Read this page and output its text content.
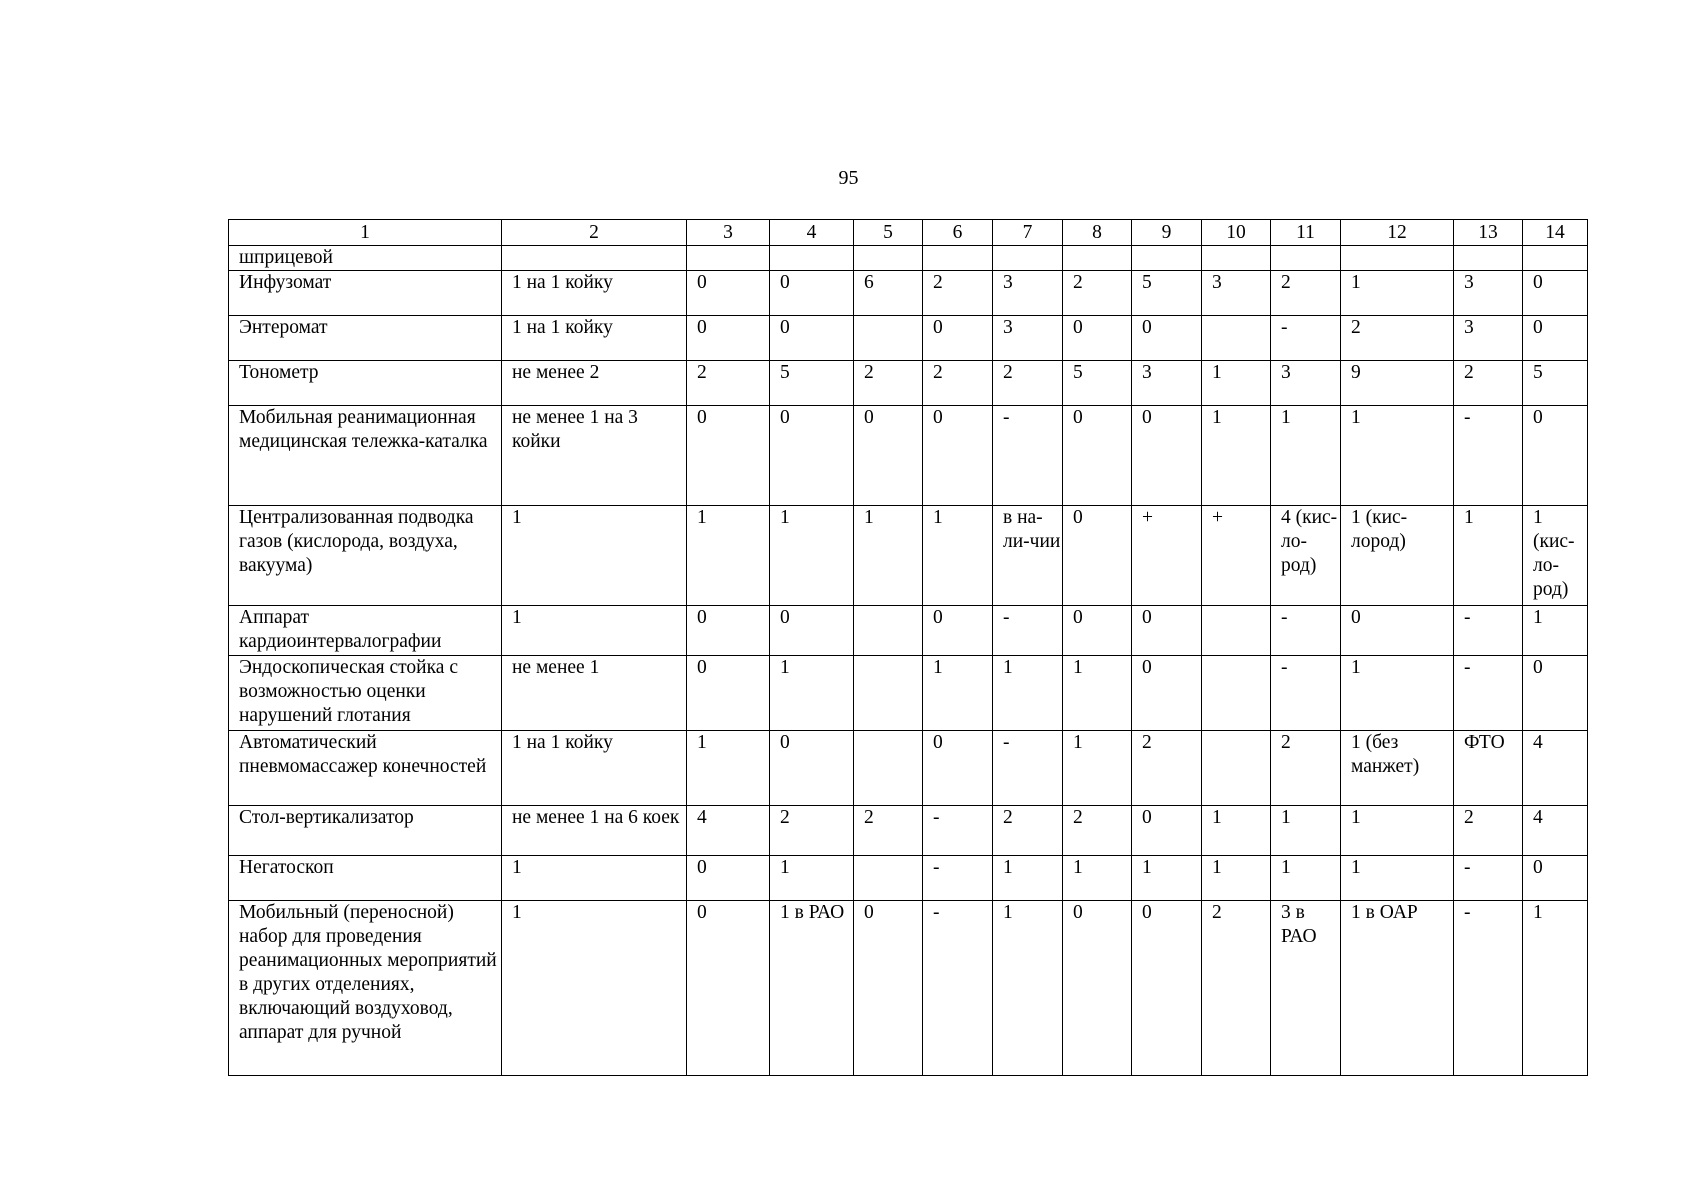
95
1	2	3	4	5	6	7	8	9	10	11	12	13	14
шприцевой													
Инфузомат	1 на 1 койку	0	0	6	2	3	2	5	3	2	1	3	0
Энтеромат	1 на 1 койку	0	0		0	3	0	0		-	2	3	0
Тонометр	не менее 2	2	5	2	2	2	5	3	1	3	9	2	5
Мобильная реанимационная медицинская тележка-каталка	не менее 1 на 3 койки	0	0	0	0	-	0	0	1	1	1	-	0
Централизованная подводка газов (кислорода, воздуха, вакуума)	1	1	1	1	1	в на-ли-чии	0	+	+	4 (кис-ло-род)	1 (кис-лород)	1	1 (кис-ло-род)
Аппарат кардиоинтервалографии	1	0	0		0	-	0	0		-	0	-	1
Эндоскопическая стойка с возможностью оценки нарушений глотания	не менее 1	0	1		1	1	1	0		-	1	-	0
Автоматический пневмомассажер конечностей	1 на 1 койку	1	0		0	-	1	2		2	1 (без манжет)	ФТО	4
Стол-вертикализатор	не менее 1 на 6 коек	4	2	2	-	2	2	0	1	1	1	2	4
Негатоскоп	1	0	1		-	1	1	1	1	1	1	-	0
Мобильный (переносной) набор для проведения реанимационных мероприятий в других отделениях, включающий воздуховод, аппарат для ручной	1	0	1 в РАО	0	-	1	0	0	2	3 в РАО	1 в ОАР	-	1
